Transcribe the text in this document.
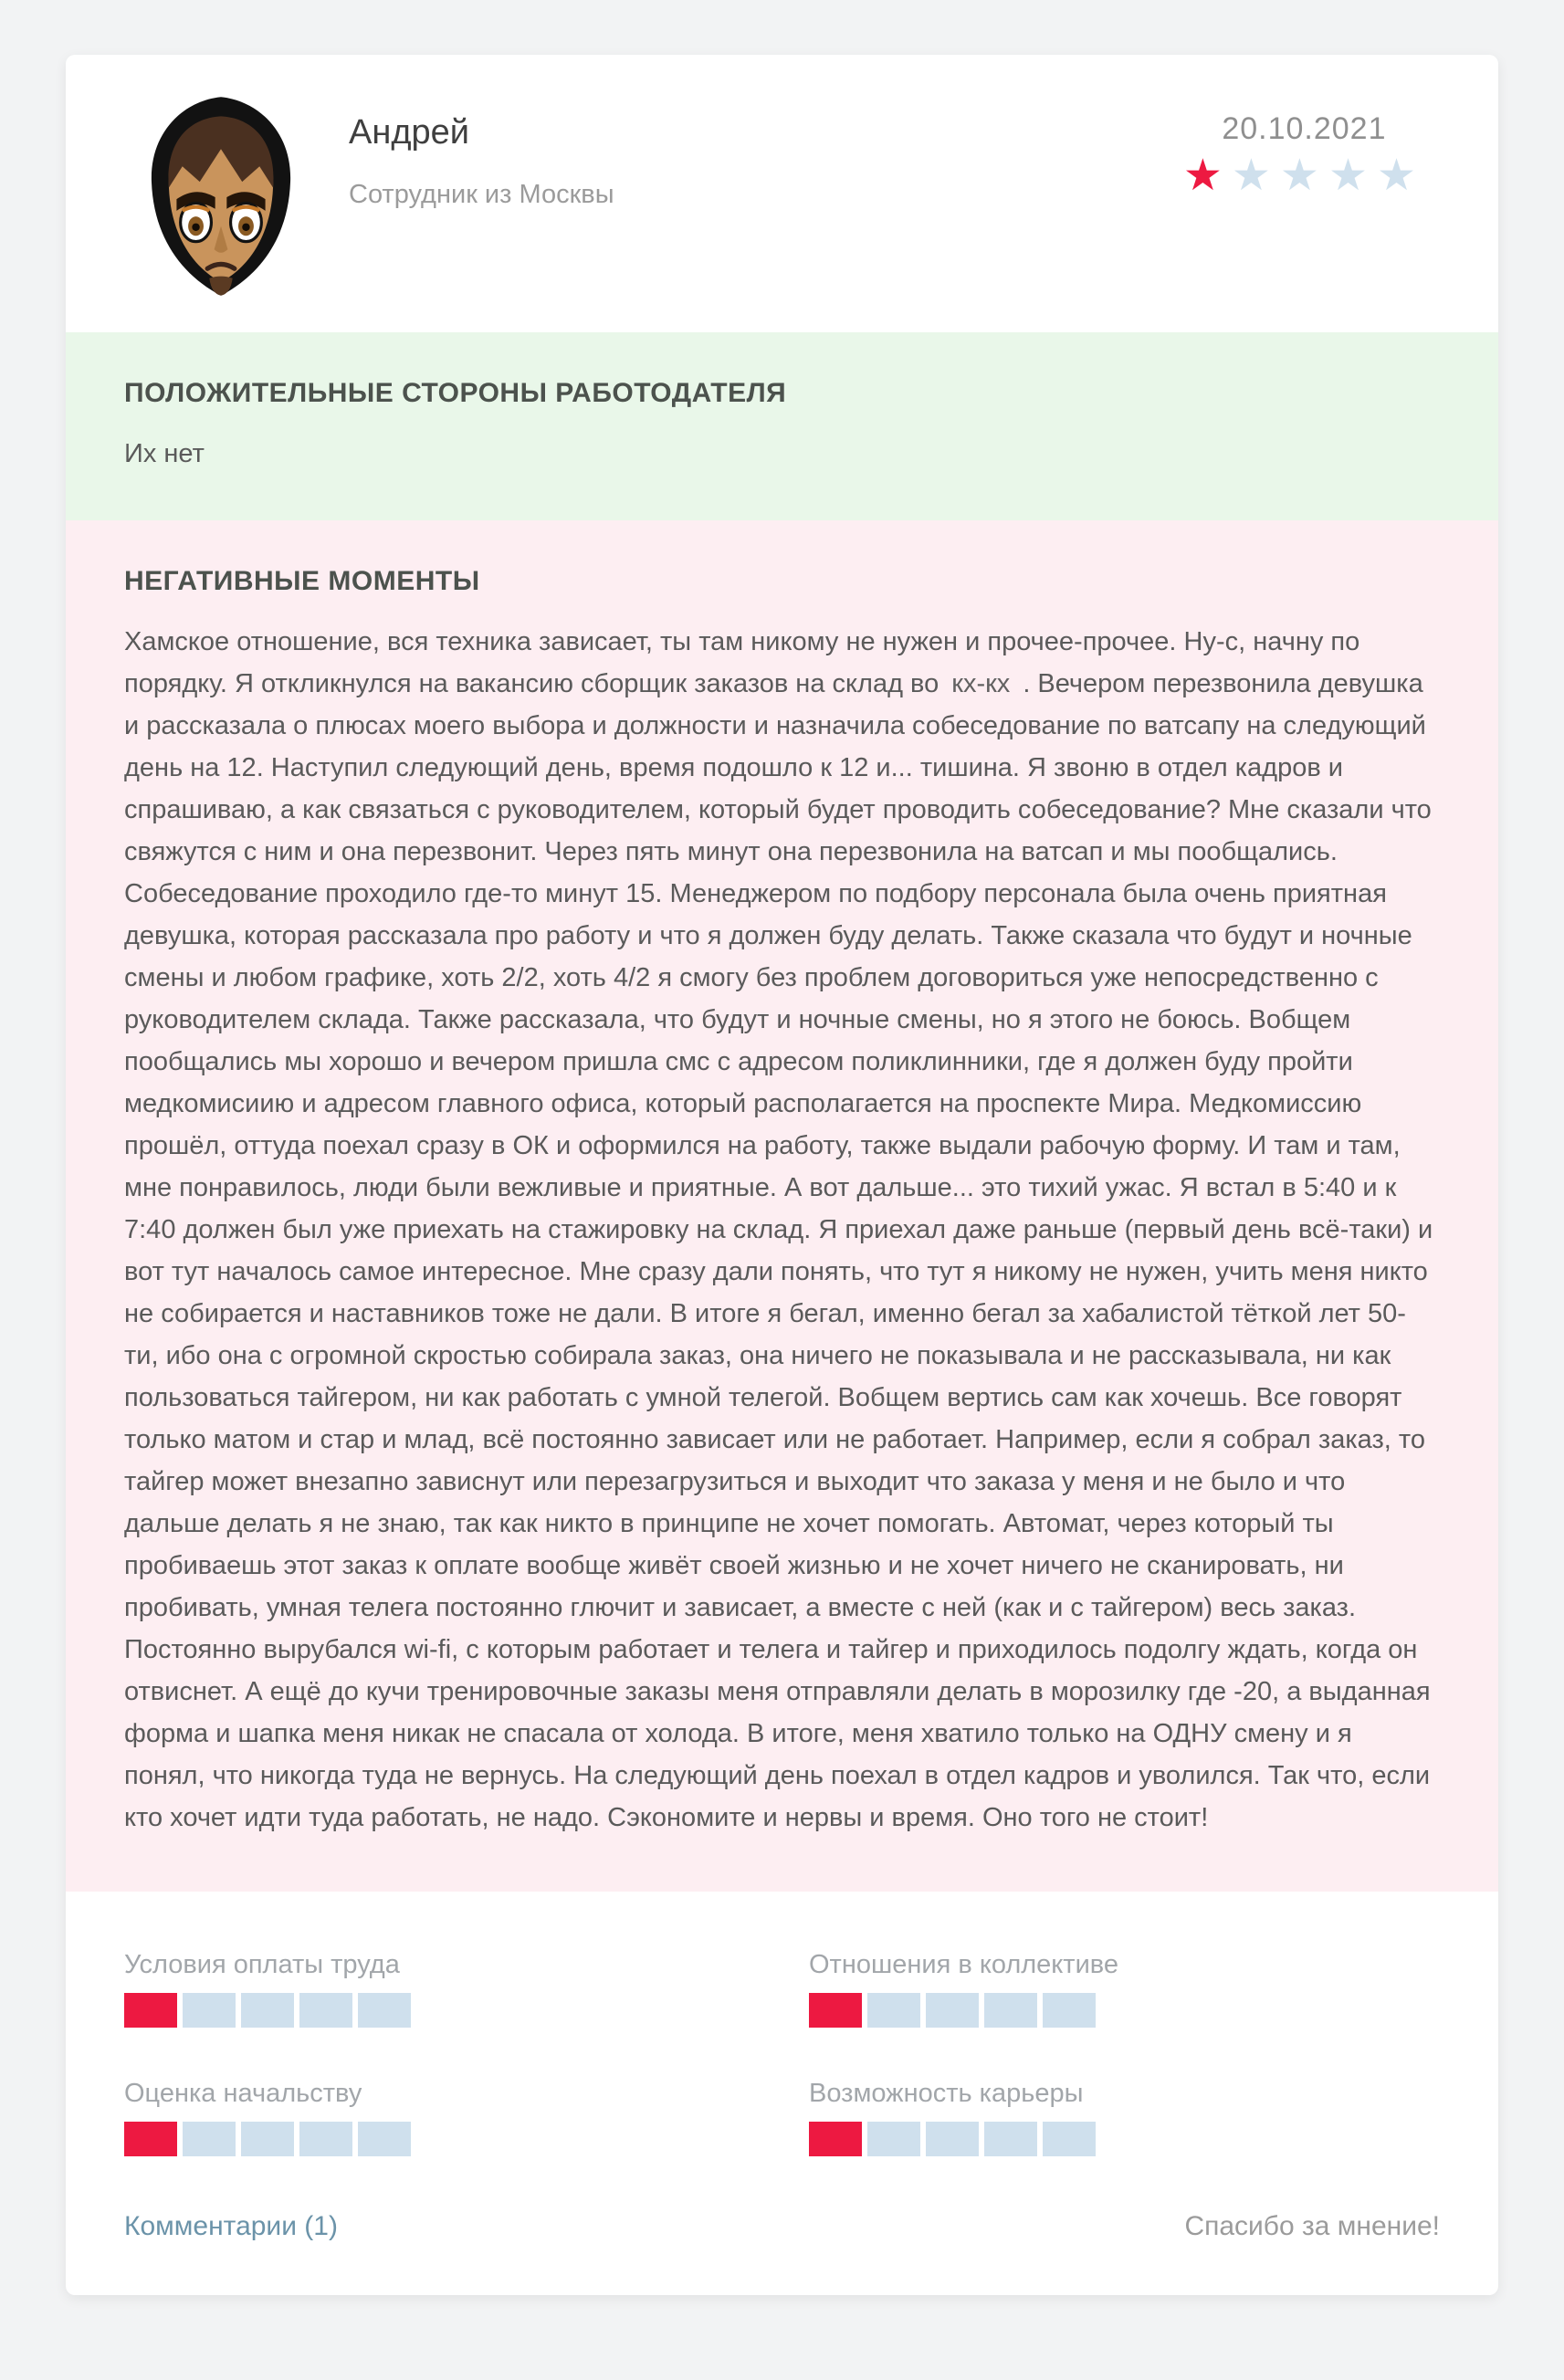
Андрей
Сотрудник из Москвы
20.10.2021
★★★★★
ПОЛОЖИТЕЛЬНЫЕ СТОРОНЫ РАБОТОДАТЕЛЯ
Их нет
НЕГАТИВНЫЕ МОМЕНТЫ
Хамское отношение, вся техника зависает, ты там никому не нужен и прочее-прочее. Ну-с, начну по порядку. Я откликнулся на вакансию сборщик заказов на склад во кх-кх . Вечером перезвонила девушка и рассказала о плюсах моего выбора и должности и назначила собеседование по ватсапу на следующий день на 12. Наступил следующий день, время подошло к 12 и... тишина. Я звоню в отдел кадров и спрашиваю, а как связаться с руководителем, который будет проводить собеседование? Мне сказали что свяжутся с ним и она перезвонит. Через пять минут она перезвонила на ватсап и мы пообщались. Собеседование проходило где-то минут 15. Менеджером по подбору персонала была очень приятная девушка, которая рассказала про работу и что я должен буду делать. Также сказала что будут и ночные смены и любом графике, хоть 2/2, хоть 4/2 я смогу без проблем договориться уже непосредственно с руководителем склада. Также рассказала, что будут и ночные смены, но я этого не боюсь. Вобщем пообщались мы хорошо и вечером пришла смс с адресом поликлинники, где я должен буду пройти медкомисиию и адресом главного офиса, который располагается на проспекте Мира. Медкомиссию прошёл, оттуда поехал сразу в ОК и оформился на работу, также выдали рабочую форму. И там и там, мне понравилось, люди были вежливые и приятные. А вот дальше... это тихий ужас. Я встал в 5:40 и к 7:40 должен был уже приехать на стажировку на склад. Я приехал даже раньше (первый день всё-таки) и вот тут началось самое интересное. Мне сразу дали понять, что тут я никому не нужен, учить меня никто не собирается и наставников тоже не дали. В итоге я бегал, именно бегал за хабалистой тёткой лет 50-ти, ибо она с огромной скростью собирала заказ, она ничего не показывала и не рассказывала, ни как пользоваться тайгером, ни как работать с умной телегой. Вобщем вертись сам как хочешь. Все говорят только матом и стар и млад, всё постоянно зависает или не работает. Например, если я собрал заказ, то тайгер может внезапно зависнут или перезагрузиться и выходит что заказа у меня и не было и что дальше делать я не знаю, так как никто в принципе не хочет помогать. Автомат, через который ты пробиваешь этот заказ к оплате вообще живёт своей жизнью и не хочет ничего не сканировать, ни пробивать, умная телега постоянно глючит и зависает, а вместе с ней (как и с тайгером) весь заказ. Постоянно вырубался wi-fi, с которым работает и телега и тайгер и приходилось подолгу ждать, когда он отвиснет. А ещё до кучи тренировочные заказы меня отправляли делать в морозилку где -20, а выданная форма и шапка меня никак не спасала от холода. В итоге, меня хватило только на ОДНУ смену и я понял, что никогда туда не вернусь. На следующий день поехал в отдел кадров и уволился. Так что, если кто хочет идти туда работать, не надо. Сэкономите и нервы и время. Оно того не стоит!
Условия оплаты труда	Отношения в коллективе
Оценка начальству	Возможность карьеры
Комментарии (1)	Спасибо за мнение!
